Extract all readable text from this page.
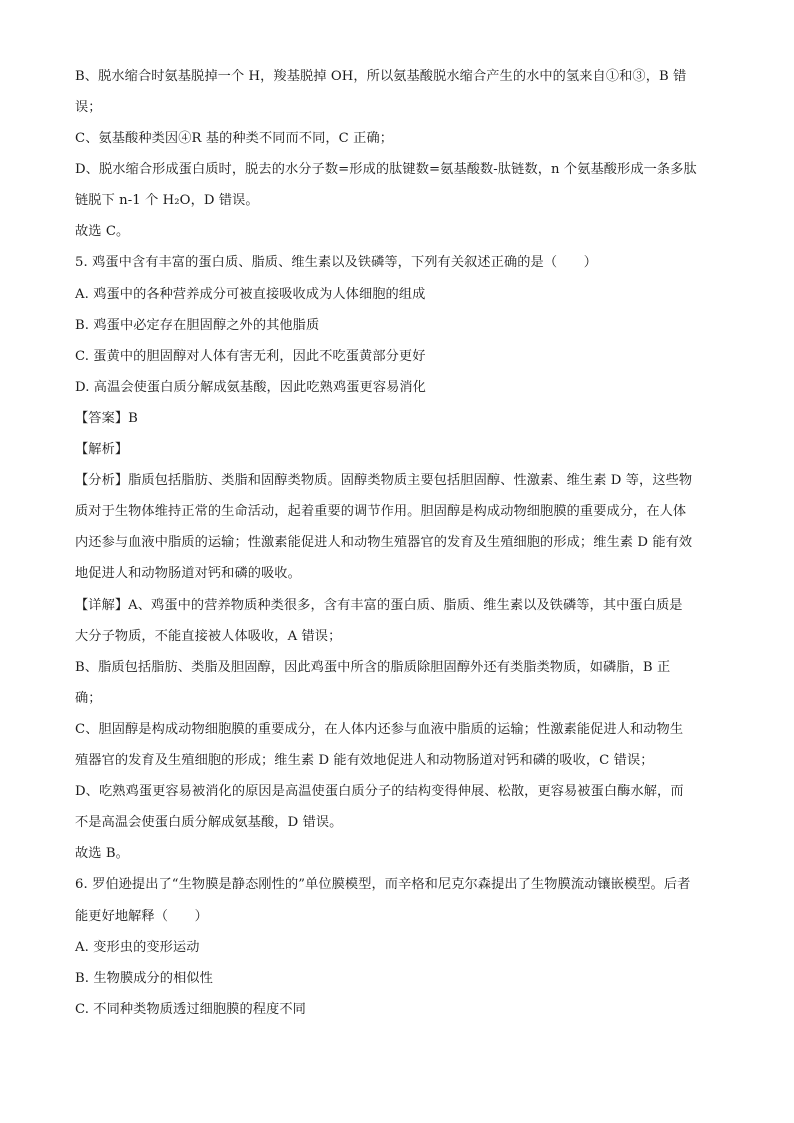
B、脱水缩合时氨基脱掉一个 H，羧基脱掉 OH，所以氨基酸脱水缩合产生的水中的氢来自①和③，B 错
误；
C、氨基酸种类因④R 基的种类不同而不同，C 正确；
D、脱水缩合形成蛋白质时，脱去的水分子数=形成的肽键数=氨基酸数-肽链数，n 个氨基酸形成一条多肽
链脱下 n-1 个 H₂O，D 错误。
故选 C。
5. 鸡蛋中含有丰富的蛋白质、脂质、维生素以及铁磷等，下列有关叙述正确的是（　　）
A. 鸡蛋中的各种营养成分可被直接吸收成为人体细胞的组成
B. 鸡蛋中必定存在胆固醇之外的其他脂质
C. 蛋黄中的胆固醇对人体有害无利，因此不吃蛋黄部分更好
D. 高温会使蛋白质分解成氨基酸，因此吃熟鸡蛋更容易消化
【答案】B
【解析】
【分析】脂质包括脂肪、类脂和固醇类物质。固醇类物质主要包括胆固醇、性激素、维生素 D 等，这些物
质对于生物体维持正常的生命活动，起着重要的调节作用。胆固醇是构成动物细胞膜的重要成分，在人体
内还参与血液中脂质的运输；性激素能促进人和动物生殖器官的发育及生殖细胞的形成；维生素 D 能有效
地促进人和动物肠道对钙和磷的吸收。
【详解】A、鸡蛋中的营养物质种类很多，含有丰富的蛋白质、脂质、维生素以及铁磷等，其中蛋白质是
大分子物质，不能直接被人体吸收，A 错误；
B、脂质包括脂肪、类脂及胆固醇，因此鸡蛋中所含的脂质除胆固醇外还有类脂类物质，如磷脂，B 正
确；
C、胆固醇是构成动物细胞膜的重要成分，在人体内还参与血液中脂质的运输；性激素能促进人和动物生
殖器官的发育及生殖细胞的形成；维生素 D 能有效地促进人和动物肠道对钙和磷的吸收，C 错误；
D、吃熟鸡蛋更容易被消化的原因是高温使蛋白质分子的结构变得伸展、松散，更容易被蛋白酶水解，而
不是高温会使蛋白质分解成氨基酸，D 错误。
故选 B。
6. 罗伯逊提出了“生物膜是静态刚性的”单位膜模型，而辛格和尼克尔森提出了生物膜流动镶嵌模型。后者
能更好地解释（　　）
A. 变形虫的变形运动
B. 生物膜成分的相似性
C. 不同种类物质透过细胞膜的程度不同
